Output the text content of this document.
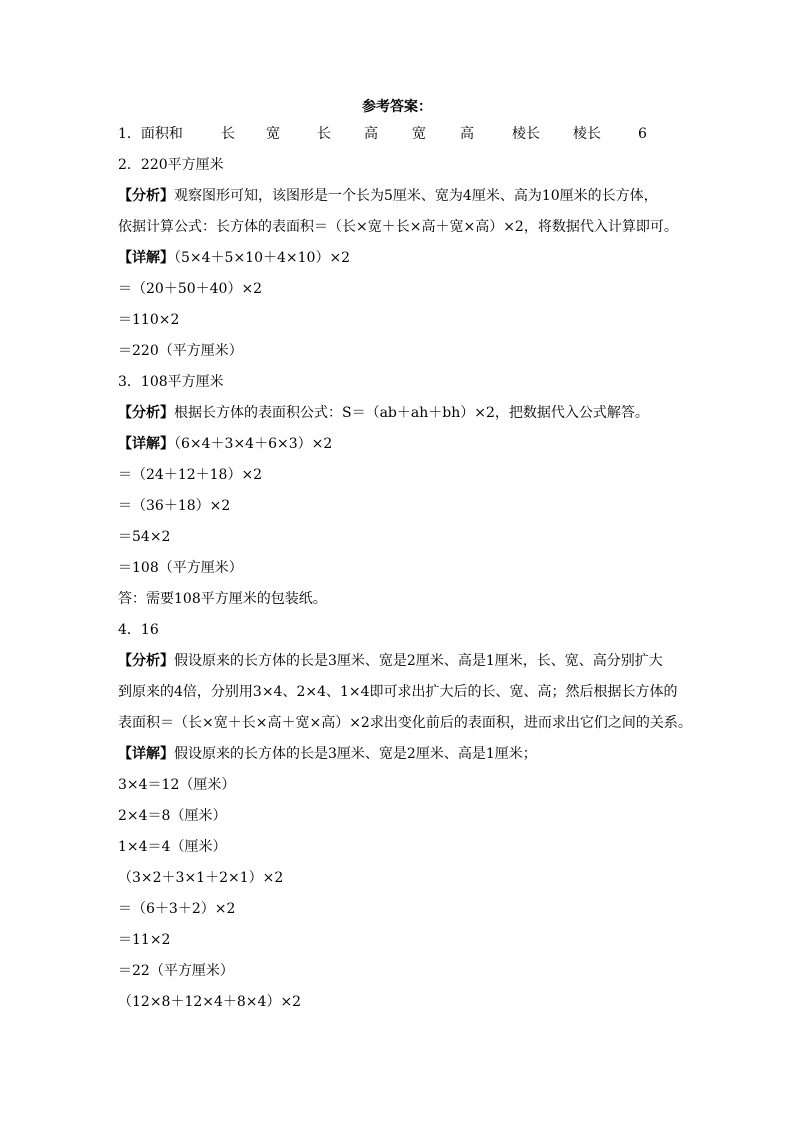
参考答案：
1．面积和	长 宽	长 高 宽 高	棱长 棱长	6
2．220平方厘米
【分析】观察图形可知，该图形是一个长为5厘米、宽为4厘米、高为10厘米的长方体，
依据计算公式：长方体的表面积＝（长×宽＋长×高＋宽×高）×2，将数据代入计算即可。
【详解】（5×4＋5×10＋4×10）×2
＝（20＋50＋40）×2
＝110×2
＝220（平方厘米）
3．108平方厘米
【分析】根据长方体的表面积公式：S＝（ab＋ah＋bh）×2，把数据代入公式解答。
【详解】（6×4＋3×4＋6×3）×2
＝（24＋12＋18）×2
＝（36＋18）×2
＝54×2
＝108（平方厘米）
答：需要108平方厘米的包装纸。
4．16
【分析】假设原来的长方体的长是3厘米、宽是2厘米、高是1厘米，长、宽、高分别扩大
到原来的4倍，分别用3×4、2×4、1×4即可求出扩大后的长、宽、高；然后根据长方体的
表面积＝（长×宽＋长×高＋宽×高）×2求出变化前后的表面积，进而求出它们之间的关系。
【详解】假设原来的长方体的长是3厘米、宽是2厘米、高是1厘米；
3×4＝12（厘米）
2×4＝8（厘米）
1×4＝4（厘米）
（3×2＋3×1＋2×1）×2
＝（6＋3＋2）×2
＝11×2
＝22（平方厘米）
（12×8＋12×4＋8×4）×2
